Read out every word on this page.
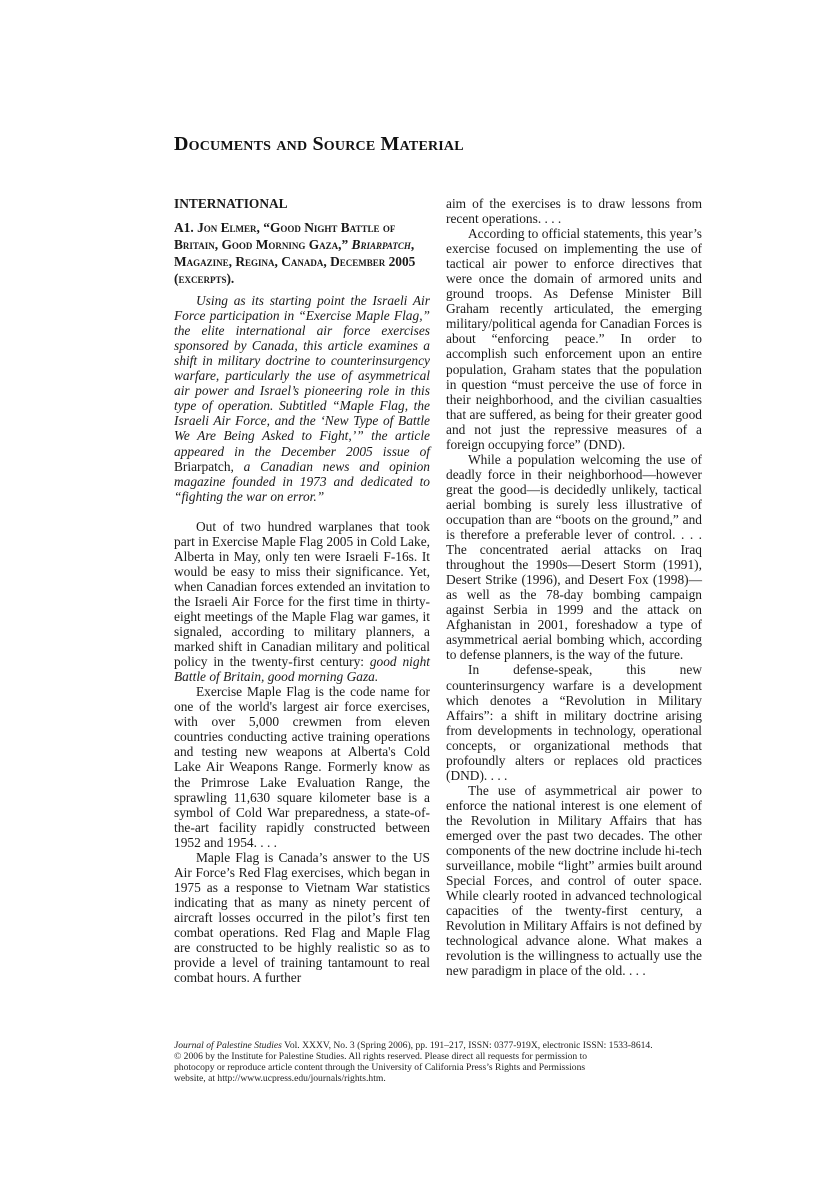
Documents and Source Material
INTERNATIONAL
A1. Jon Elmer, “Good Night Battle of Britain, Good Morning Gaza,” Briarpatch, Magazine, Regina, Canada, December 2005 (excerpts).

Using as its starting point the Israeli Air Force participation in “Exercise Maple Flag,” the elite international air force exercises sponsored by Canada, this article examines a shift in military doctrine to counterinsurgency warfare, particularly the use of asymmetrical air power and Israel’s pioneering role in this type of operation. Subtitled “Maple Flag, the Israeli Air Force, and the ‘New Type of Battle We Are Being Asked to Fight,’” the article appeared in the December 2005 issue of Briarpatch, a Canadian news and opinion magazine founded in 1973 and dedicated to “fighting the war on error.”

Out of two hundred warplanes that took part in Exercise Maple Flag 2005 in Cold Lake, Alberta in May, only ten were Israeli F-16s. It would be easy to miss their significance. Yet, when Canadian forces extended an invitation to the Israeli Air Force for the first time in thirty-eight meetings of the Maple Flag war games, it signaled, according to military planners, a marked shift in Canadian military and political policy in the twenty-first century: good night Battle of Britain, good morning Gaza.

Exercise Maple Flag is the code name for one of the world's largest air force exercises, with over 5,000 crewmen from eleven countries conducting active training operations and testing new weapons at Alberta's Cold Lake Air Weapons Range. Formerly know as the Primrose Lake Evaluation Range, the sprawling 11,630 square kilometer base is a symbol of Cold War preparedness, a state-of-the-art facility rapidly constructed between 1952 and 1954. . . .

Maple Flag is Canada’s answer to the US Air Force’s Red Flag exercises, which began in 1975 as a response to Vietnam War statistics indicating that as many as ninety percent of aircraft losses occurred in the pilot’s first ten combat operations. Red Flag and Maple Flag are constructed to be highly realistic so as to provide a level of training tantamount to real combat hours. A further

aim of the exercises is to draw lessons from recent operations. . . .

According to official statements, this year’s exercise focused on implementing the use of tactical air power to enforce directives that were once the domain of armored units and ground troops. As Defense Minister Bill Graham recently articulated, the emerging military/political agenda for Canadian Forces is about “enforcing peace.” In order to accomplish such enforcement upon an entire population, Graham states that the population in question “must perceive the use of force in their neighborhood, and the civilian casualties that are suffered, as being for their greater good and not just the repressive measures of a foreign occupying force” (DND).

While a population welcoming the use of deadly force in their neighborhood—however great the good—is decidedly unlikely, tactical aerial bombing is surely less illustrative of occupation than are “boots on the ground,” and is therefore a preferable lever of control. . . . The concentrated aerial attacks on Iraq throughout the 1990s—Desert Storm (1991), Desert Strike (1996), and Desert Fox (1998)—as well as the 78-day bombing campaign against Serbia in 1999 and the attack on Afghanistan in 2001, foreshadow a type of asymmetrical aerial bombing which, according to defense planners, is the way of the future.

In defense-speak, this new counterinsurgency warfare is a development which denotes a “Revolution in Military Affairs”: a shift in military doctrine arising from developments in technology, operational concepts, or organizational methods that profoundly alters or replaces old practices (DND). . . .

The use of asymmetrical air power to enforce the national interest is one element of the Revolution in Military Affairs that has emerged over the past two decades. The other components of the new doctrine include hi-tech surveillance, mobile “light” armies built around Special Forces, and control of outer space. While clearly rooted in advanced technological capacities of the twenty-first century, a Revolution in Military Affairs is not defined by technological advance alone. What makes a revolution is the willingness to actually use the new paradigm in place of the old. . . .

Journal of Palestine Studies Vol. XXXV, No. 3 (Spring 2006), pp. 191–217, ISSN: 0377-919X, electronic ISSN: 1533-8614.
© 2006 by the Institute for Palestine Studies. All rights reserved. Please direct all requests for permission to
photocopy or reproduce article content through the University of California Press’s Rights and Permissions
website, at http://www.ucpress.edu/journals/rights.htm.
